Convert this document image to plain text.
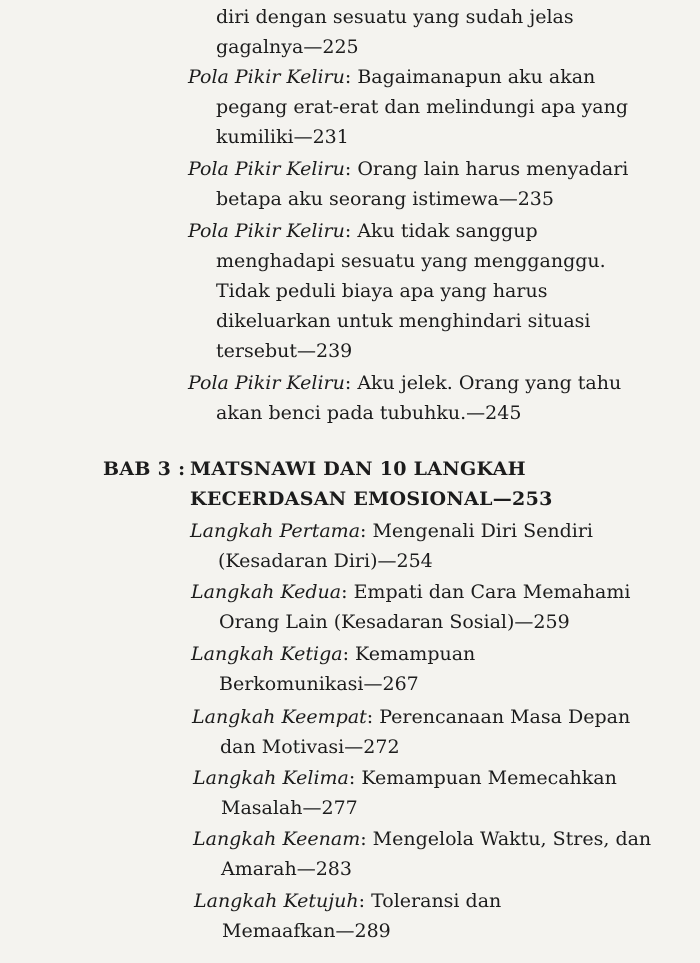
diri dengan sesuatu yang sudah jelas
gagalnya—225
Pola Pikir Keliru: Bagaimanapun aku akan
pegang erat-erat dan melindungi apa yang
kumiliki—231
Pola Pikir Keliru: Orang lain harus menyadari
betapa aku seorang istimewa—235
Pola Pikir Keliru: Aku tidak sanggup
menghadapi sesuatu yang mengganggu.
Tidak peduli biaya apa yang harus
dikeluarkan untuk menghindari situasi
tersebut—239
Pola Pikir Keliru: Aku jelek. Orang yang tahu
akan benci pada tubuhku.—245
BAB 3 : MATSNAWI DAN 10 LANGKAH
KECERDASAN EMOSIONAL—253
Langkah Pertama: Mengenali Diri Sendiri
(Kesadaran Diri)—254
Langkah Kedua: Empati dan Cara Memahami
Orang Lain (Kesadaran Sosial)—259
Langkah Ketiga: Kemampuan
Berkomunikasi—267
Langkah Keempat: Perencanaan Masa Depan
dan Motivasi—272
Langkah Kelima: Kemampuan Memecahkan
Masalah—277
Langkah Keenam: Mengelola Waktu, Stres, dan
Amarah—283
Langkah Ketujuh: Toleransi dan
Memaafkan—289
